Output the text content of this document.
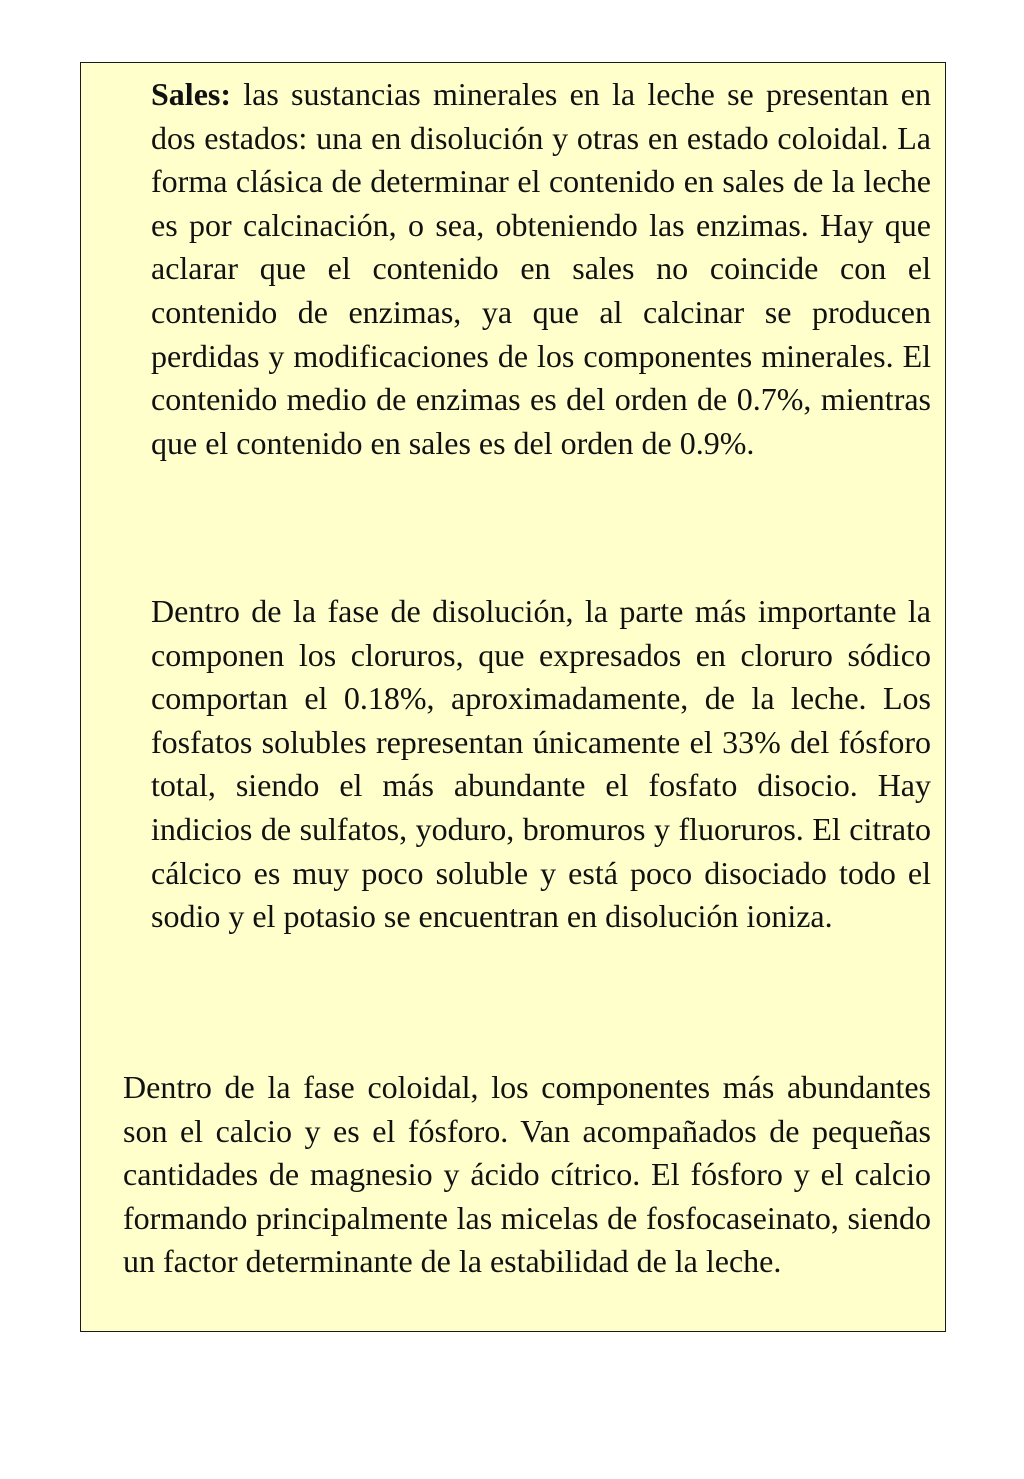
Sales: las sustancias minerales en la leche se presentan en dos estados: una en disolución y otras en estado coloidal. La forma clásica de determinar el contenido en sales de la leche es por calcinación, o sea, obteniendo las enzimas. Hay que aclarar que el contenido en sales no coincide con el contenido de enzimas, ya que al calcinar se producen perdidas y modificaciones de los componentes minerales. El contenido medio de enzimas es del orden de 0.7%, mientras que el contenido en sales es del orden de 0.9%.

Dentro de la fase de disolución, la parte más importante la componen los cloruros, que expresados en cloruro sódico comportan el 0.18%, aproximadamente, de la leche. Los fosfatos solubles representan únicamente el 33% del fósforo total, siendo el más abundante el fosfato disocio. Hay indicios de sulfatos, yoduro, bromuros y fluoruros. El citrato cálcico es muy poco soluble y está poco disociado todo el sodio y el potasio se encuentran en disolución ioniza.

Dentro de la fase coloidal, los componentes más abundantes son el calcio y es el fósforo. Van acompañados de pequeñas cantidades de magnesio y ácido cítrico. El fósforo y el calcio formando principalmente las micelas de fosfocaseinato, siendo un factor determinante de la estabilidad de la leche.
